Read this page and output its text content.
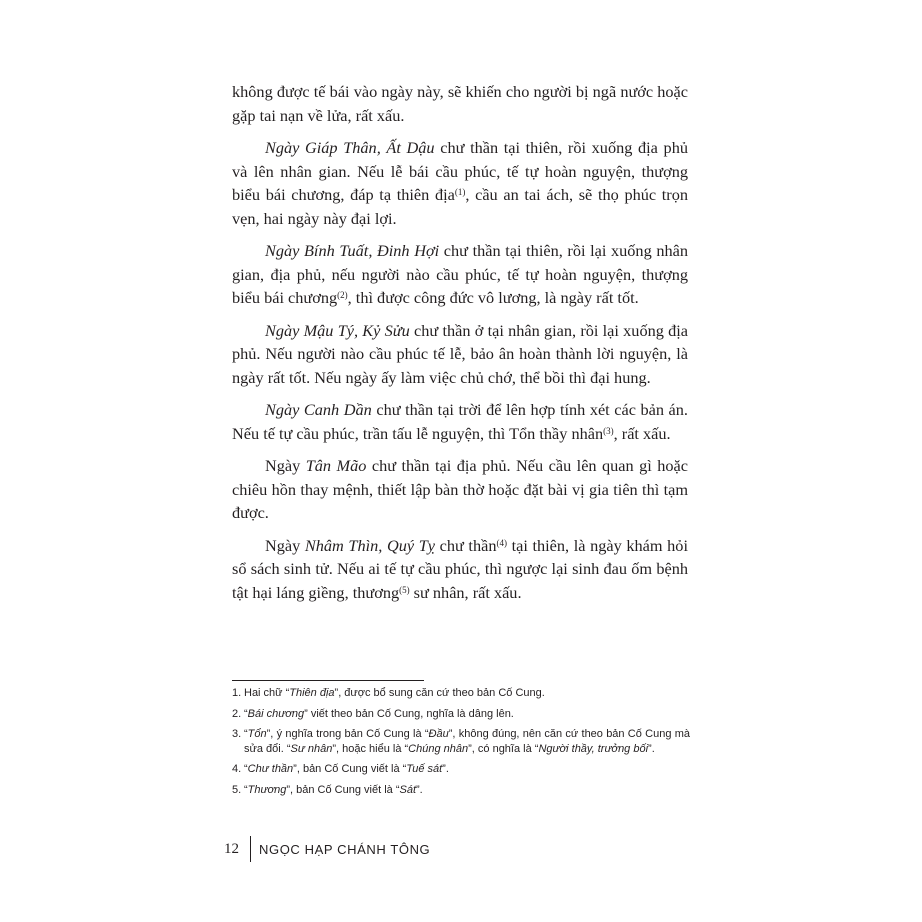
không được tế bái vào ngày này, sẽ khiến cho người bị ngã nước hoặc gặp tai nạn về lửa, rất xấu.

Ngày Giáp Thân, Ất Dậu chư thần tại thiên, rồi xuống địa phủ và lên nhân gian. Nếu lễ bái cầu phúc, tế tự hoàn nguyện, thượng biểu bái chương, đáp tạ thiên địa$^{(1)}$, cầu an tai ách, sẽ thọ phúc trọn vẹn, hai ngày này đại lợi.

Ngày Bính Tuất, Đinh Hợi chư thần tại thiên, rồi lại xuống nhân gian, địa phủ, nếu người nào cầu phúc, tế tự hoàn nguyện, thượng biểu bái chương$^{(2)}$, thì được công đức vô lương, là ngày rất tốt.

Ngày Mậu Tý, Kỷ Sửu chư thần ở tại nhân gian, rồi lại xuống địa phủ. Nếu người nào cầu phúc tế lễ, bảo ân hoàn thành lời nguyện, là ngày rất tốt. Nếu ngày ấy làm việc chủ chớ, thể bồi thì đại hung.

Ngày Canh Dần chư thần tại trời để lên hợp tính xét các bản án. Nếu tế tự cầu phúc, trần tấu lễ nguyện, thì Tổn thầy nhân$^{(3)}$, rất xấu.

Ngày Tân Mão chư thần tại địa phủ. Nếu cầu lên quan gì hoặc chiêu hồn thay mệnh, thiết lập bàn thờ hoặc đặt bài vị gia tiên thì tạm được.

Ngày Nhâm Thìn, Quý Tỵ chư thần$^{(4)}$ tại thiên, là ngày khám hỏi sổ sách sinh tử. Nếu ai tế tự cầu phúc, thì ngược lại sinh đau ốm bệnh tật hại láng giềng, thương$^{(5)}$ sư nhân, rất xấu.

1. Hai chữ “Thiên địa”, được bổ sung căn cứ theo bản Cố Cung.
2. “Bái chương” viết theo bản Cố Cung, nghĩa là dâng lên.
3. “Tổn”, ý nghĩa trong bản Cố Cung là “Đầu”, không đúng, nên căn cứ theo bản Cố Cung mà sửa đổi. “Sư nhân”, hoặc hiểu là “Chúng nhân”, có nghĩa là “Người thầy, trưởng bối”.
4. “Chư thần”, bản Cố Cung viết là “Tuế sát”.
5. “Thương”, bản Cố Cung viết là “Sát”.
12 NGỌC HẠP CHÁNH TÔNG
